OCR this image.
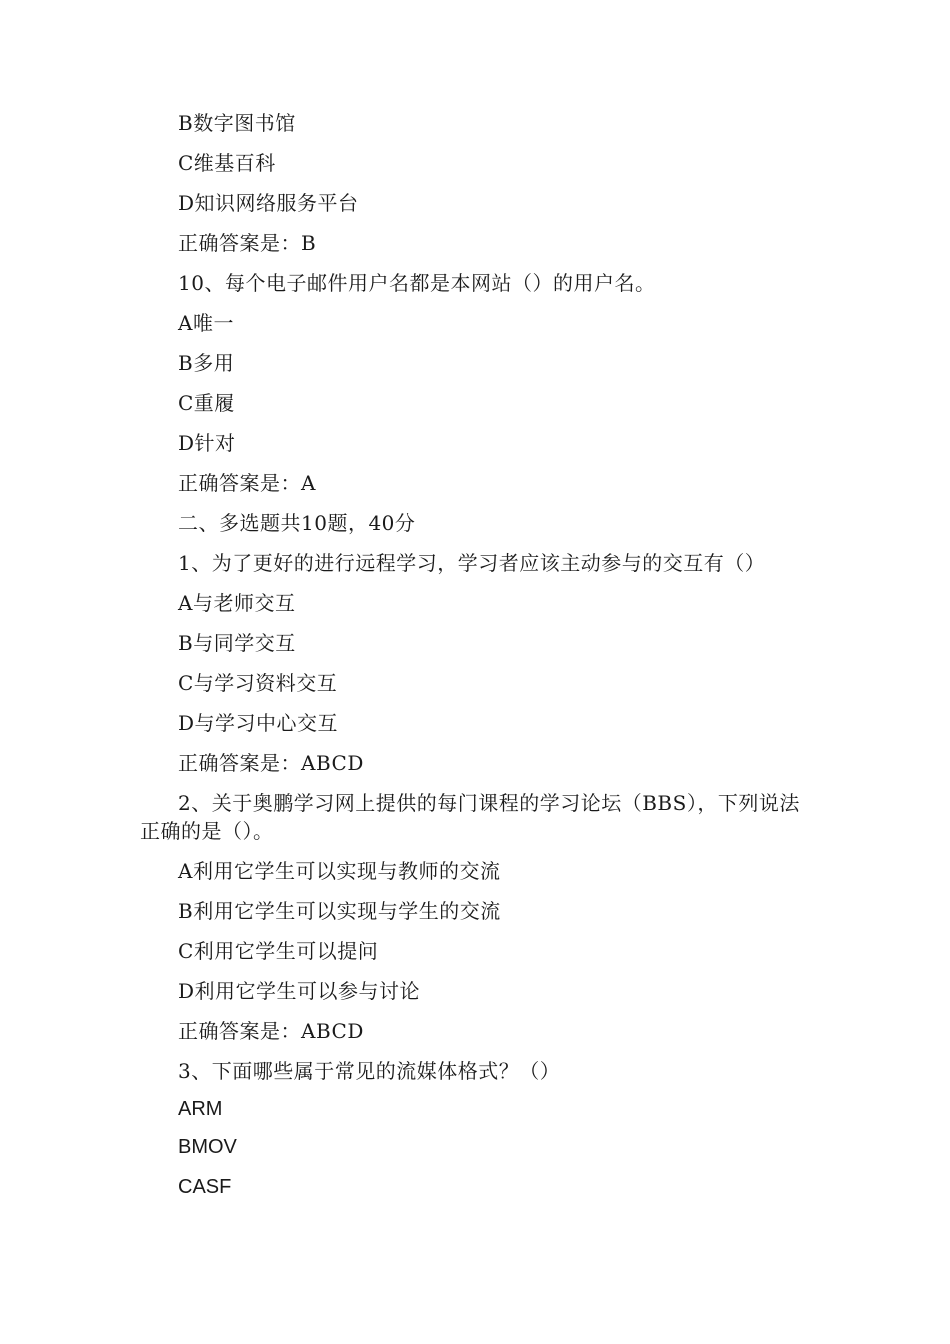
B数字图书馆
C维基百科
D知识网络服务平台
正确答案是：B
10、每个电子邮件用户名都是本网站（）的用户名。
A唯一
B多用
C重履
D针对
正确答案是：A
二、多选题共10题，40分
1、为了更好的进行远程学习，学习者应该主动参与的交互有（）
A与老师交互
B与同学交互
C与学习资料交互
D与学习中心交互
正确答案是：ABCD
2、关于奥鹏学习网上提供的每门课程的学习论坛（BBS），下列说法正确的是（）。
A利用它学生可以实现与教师的交流
B利用它学生可以实现与学生的交流
C利用它学生可以提问
D利用它学生可以参与讨论
正确答案是：ABCD
3、下面哪些属于常见的流媒体格式？（）
ARM
BMOV
CASF
